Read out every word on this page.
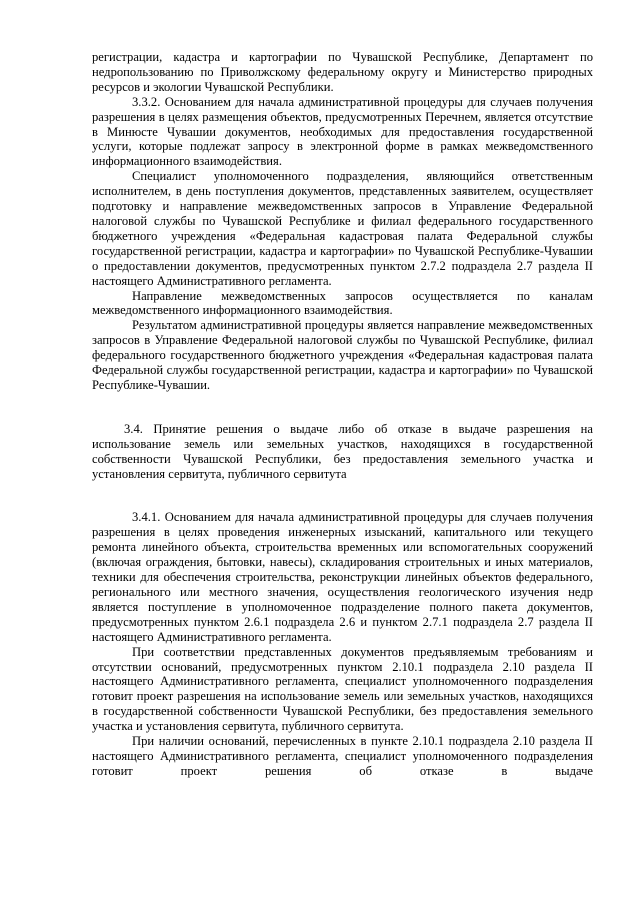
регистрации, кадастра и картографии по Чувашской Республике, Департамент по недропользованию по Приволжскому федеральному округу и Министерство природных ресурсов и экологии Чувашской Республики.

3.3.2. Основанием для начала административной процедуры для случаев получения разрешения в целях размещения объектов, предусмотренных Перечнем, является отсутствие в Минюсте Чувашии документов, необходимых для предоставления государственной услуги, которые подлежат запросу в электронной форме в рамках межведомственного информационного взаимодействия.

Специалист уполномоченного подразделения, являющийся ответственным исполнителем, в день поступления документов, представленных заявителем, осуществляет подготовку и направление межведомственных запросов в Управление Федеральной налоговой службы по Чувашской Республике и филиал федерального государственного бюджетного учреждения «Федеральная кадастровая палата Федеральной службы государственной регистрации, кадастра и картографии» по Чувашской Республике-Чувашии о предоставлении документов, предусмотренных пунктом 2.7.2 подраздела 2.7 раздела II настоящего Административного регламента.

Направление межведомственных запросов осуществляется по каналам межведомственного информационного взаимодействия.

Результатом административной процедуры является направление межведомственных запросов в Управление Федеральной налоговой службы по Чувашской Республике, филиал федерального государственного бюджетного учреждения «Федеральная кадастровая палата Федеральной службы государственной регистрации, кадастра и картографии» по Чувашской Республике-Чувашии.

3.4. Принятие решения о выдаче либо об отказе в выдаче разрешения на использование земель или земельных участков, находящихся в государственной собственности Чувашской Республики, без предоставления земельного участка и установления сервитута, публичного сервитута

3.4.1. Основанием для начала административной процедуры для случаев получения разрешения в целях проведения инженерных изысканий, капитального или текущего ремонта линейного объекта, строительства временных или вспомогательных сооружений (включая ограждения, бытовки, навесы), складирования строительных и иных материалов, техники для обеспечения строительства, реконструкции линейных объектов федерального, регионального или местного значения, осуществления геологического изучения недр является поступление в уполномоченное подразделение полного пакета документов, предусмотренных пунктом 2.6.1 подраздела 2.6 и пунктом 2.7.1 подраздела 2.7 раздела II настоящего Административного регламента.

При соответствии представленных документов предъявляемым требованиям и отсутствии оснований, предусмотренных пунктом 2.10.1 подраздела 2.10 раздела II настоящего Административного регламента, специалист уполномоченного подразделения готовит проект разрешения на использование земель или земельных участков, находящихся в государственной собственности Чувашской Республики, без предоставления земельного участка и установления сервитута, публичного сервитута.

При наличии оснований, перечисленных в пункте 2.10.1 подраздела 2.10 раздела II настоящего Административного регламента, специалист уполномоченного подразделения готовит проект решения об отказе в выдаче
